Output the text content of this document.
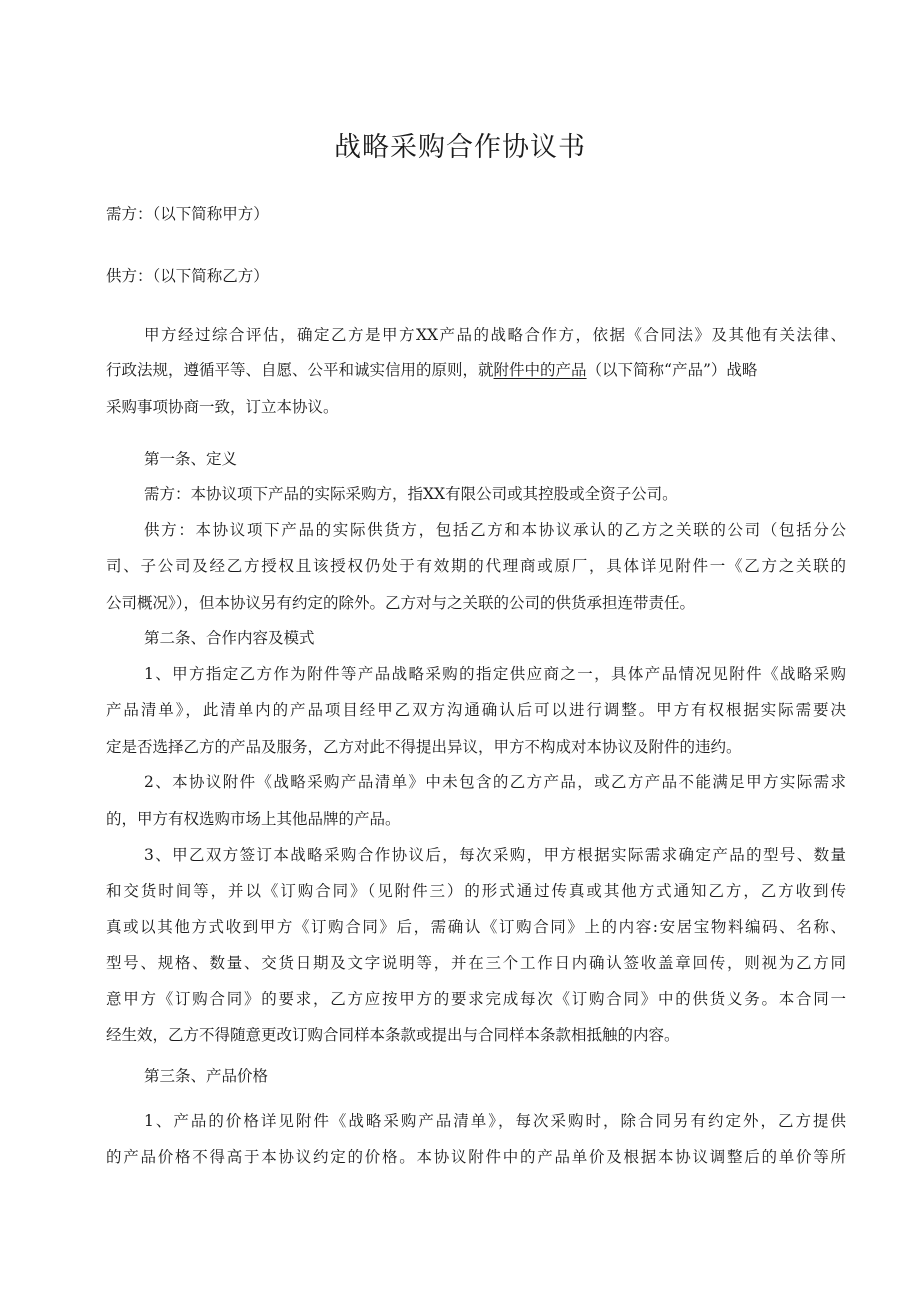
战略采购合作协议书
需方：（以下简称甲方）
供方：（以下简称乙方）
甲方经过综合评估，确定乙方是甲方XX产品的战略合作方，依据《合同法》及其他有关法律、
行政法规，遵循平等、自愿、公平和诚实信用的原则，就附件中的产品（以下简称“产品”）战略
采购事项协商一致，订立本协议。
第一条、定义
需方：本协议项下产品的实际采购方，指XX有限公司或其控股或全资子公司。
供方：本协议项下产品的实际供货方，包括乙方和本协议承认的乙方之关联的公司（包括分公
司、子公司及经乙方授权且该授权仍处于有效期的代理商或原厂，具体详见附件一《乙方之关联的
公司概况》），但本协议另有约定的除外。乙方对与之关联的公司的供货承担连带责任。
第二条、合作内容及模式
1、甲方指定乙方作为附件等产品战略采购的指定供应商之一，具体产品情况见附件《战略采购
产品清单》，此清单内的产品项目经甲乙双方沟通确认后可以进行调整。甲方有权根据实际需要决
定是否选择乙方的产品及服务，乙方对此不得提出异议，甲方不构成对本协议及附件的违约。
2、本协议附件《战略采购产品清单》中未包含的乙方产品，或乙方产品不能满足甲方实际需求
的，甲方有权选购市场上其他品牌的产品。
3、甲乙双方签订本战略采购合作协议后，每次采购，甲方根据实际需求确定产品的型号、数量
和交货时间等，并以《订购合同》（见附件三）的形式通过传真或其他方式通知乙方，乙方收到传
真或以其他方式收到甲方《订购合同》后，需确认《订购合同》上的内容:安居宝物料编码、名称、
型号、规格、数量、交货日期及文字说明等，并在三个工作日内确认签收盖章回传，则视为乙方同
意甲方《订购合同》的要求，乙方应按甲方的要求完成每次《订购合同》中的供货义务。本合同一
经生效，乙方不得随意更改订购合同样本条款或提出与合同样本条款相抵触的内容。
第三条、产品价格
1、产品的价格详见附件《战略采购产品清单》，每次采购时，除合同另有约定外，乙方提供
的产品价格不得高于本协议约定的价格。本协议附件中的产品单价及根据本协议调整后的单价等所
